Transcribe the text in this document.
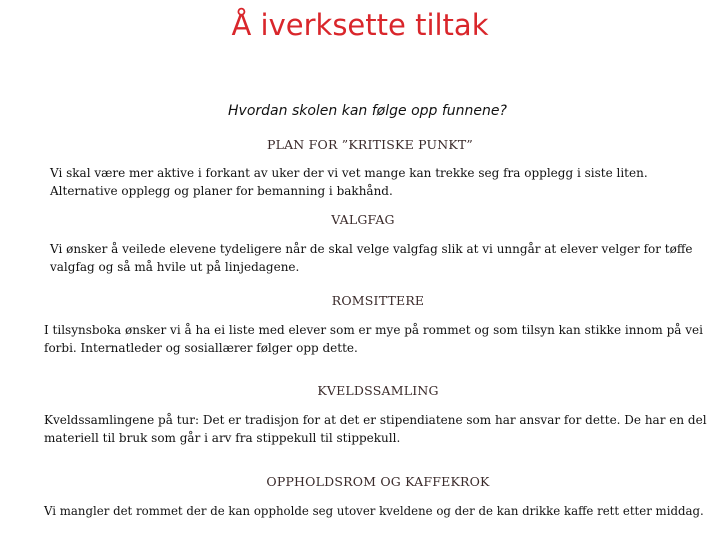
Å iverksette tiltak
Hvordan skolen kan følge opp funnene?
PLAN FOR ”KRITISKE PUNKT”
Vi skal være mer aktive i forkant av uker der vi vet mange kan trekke seg fra opplegg i siste liten.
Alternative opplegg og planer for bemanning i bakhånd.
VALGFAG
Vi ønsker å veilede elevene tydeligere når de skal velge valgfag slik at vi unngår at elever velger for tøffe
valgfag og så må hvile ut på linjedagene.
ROMSITTERE
I tilsynsboka ønsker vi å ha ei liste med elever som er mye på rommet og som tilsyn kan stikke innom på vei
forbi. Internatleder og sosiallærer følger opp dette.
KVELDSSAMLING
Kveldssamlingene på tur: Det er tradisjon for at det er stipendiatene som har ansvar for dette. De har en del
materiell til bruk som går i arv fra stippekull til stippekull.
OPPHOLDSROM OG KAFFEKROK
Vi mangler det rommet der de kan oppholde seg utover kveldene og der de kan drikke kaffe rett etter middag.
